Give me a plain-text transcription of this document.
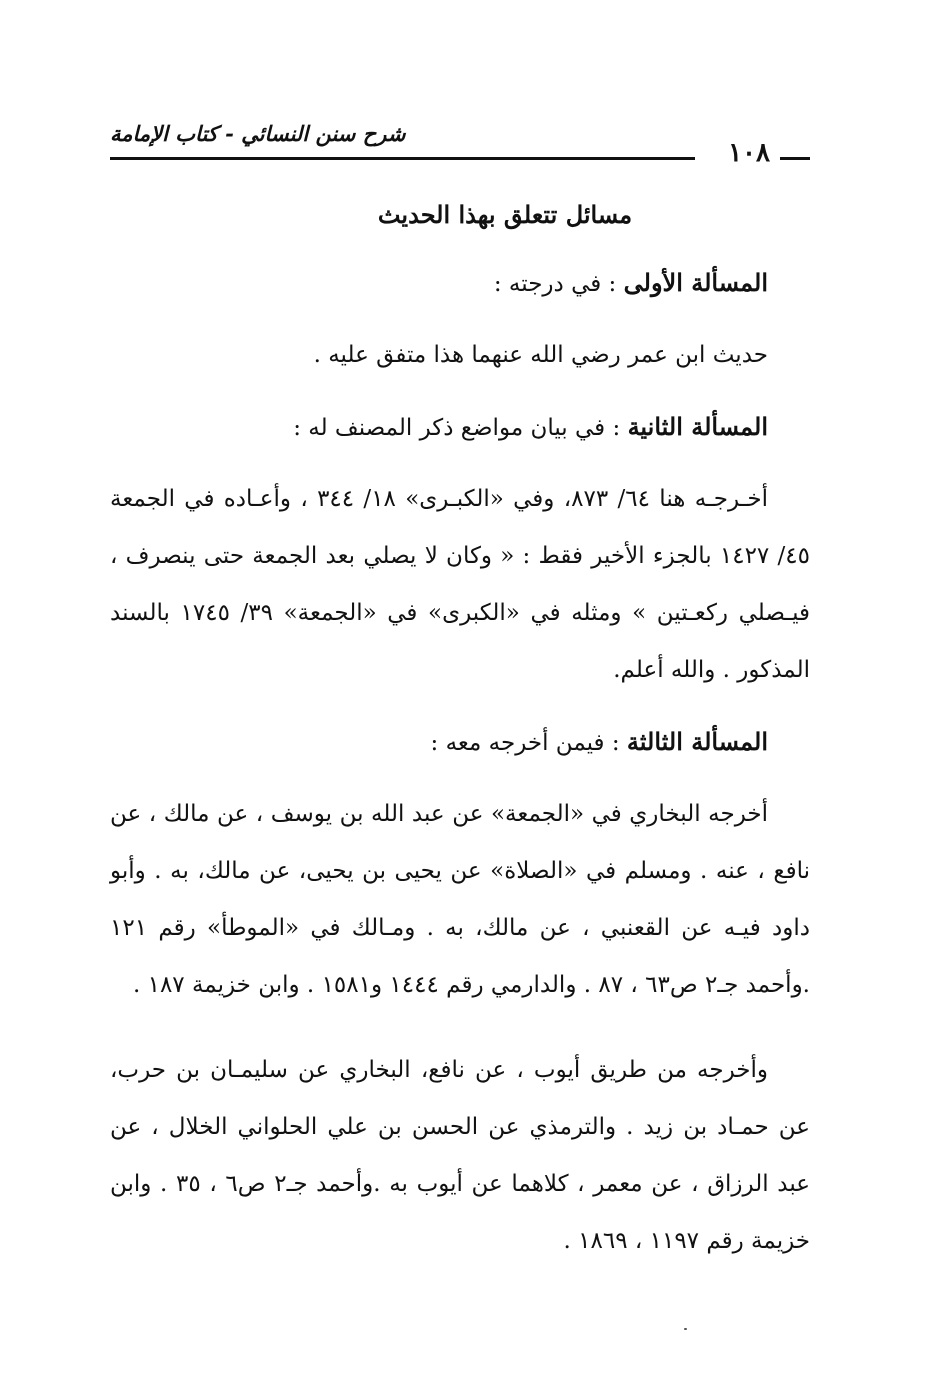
١٠٨
شرح سنن النسائي - كتاب الإمامة
مسائل تتعلق بهذا الحديث
المسألة الأولى : في درجته :

حديث ابن عمر رضي الله عنهما هذا متفق عليه .

المسألة الثانية : في بيان مواضع ذكر المصنف له :

أخـرجـه هنا ٦٤/ ٨٧٣، وفي «الكبـرى» ١٨/ ٣٤٤ ، وأعـاده في الجمعة ٤٥/ ١٤٢٧ بالجزء الأخير فقط : « وكان لا يصلي بعد الجمعة حتى ينصرف ، فيـصلي ركعـتين » ومثله في «الكبرى» في «الجمعة» ٣٩/ ١٧٤٥ بالسند المذكور . والله أعلم.

المسألة الثالثة : فيمن أخرجه معه :

أخرجه البخاري في «الجمعة» عن عبد الله بن يوسف ، عن مالك ، عن نافع ، عنه . ومسلم في «الصلاة» عن يحيى بن يحيى، عن مالك، به . وأبو داود فيـه عن القعنبي ، عن مالك، به . ومـالك في «الموطأ» رقم ١٢١ .وأحمد جـ٢ ص٦٣ ، ٨٧ . والدارمي رقم ١٤٤٤ و١٥٨١ . وابن خزيمة ١٨٧ .

وأخرجه من طريق أيوب ، عن نافع، البخاري عن سليمـان بن حرب، عن حمـاد بن زيد . والترمذي عن الحسن بن علي الحلواني الخلال ، عن عبد الرزاق ، عن معمر ، كلاهما عن أيوب به .وأحمد جـ٢ ص٦ ، ٣٥ . وابن خزيمة رقم ١١٩٧ ، ١٨٦٩ .
